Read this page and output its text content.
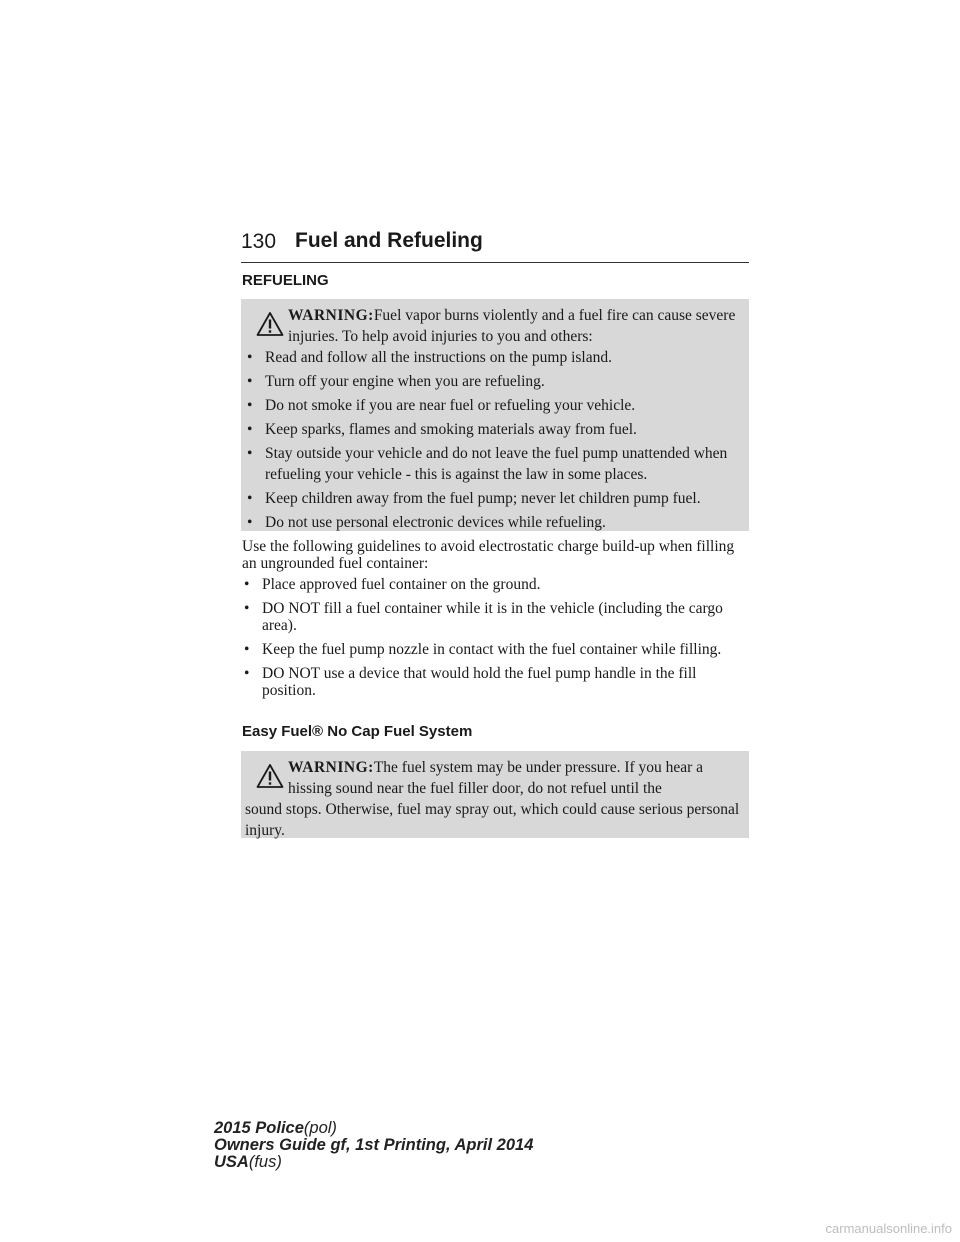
130 Fuel and Refueling
REFUELING
WARNING:Fuel vapor burns violently and a fuel fire can cause severe injuries. To help avoid injuries to you and others:
• Read and follow all the instructions on the pump island.
• Turn off your engine when you are refueling.
• Do not smoke if you are near fuel or refueling your vehicle.
• Keep sparks, flames and smoking materials away from fuel.
• Stay outside your vehicle and do not leave the fuel pump unattended when refueling your vehicle - this is against the law in some places.
• Keep children away from the fuel pump; never let children pump fuel.
• Do not use personal electronic devices while refueling.
Use the following guidelines to avoid electrostatic charge build-up when filling an ungrounded fuel container:
• Place approved fuel container on the ground.
• DO NOT fill a fuel container while it is in the vehicle (including the cargo area).
• Keep the fuel pump nozzle in contact with the fuel container while filling.
• DO NOT use a device that would hold the fuel pump handle in the fill position.
Easy Fuel® No Cap Fuel System
WARNING:The fuel system may be under pressure. If you hear a hissing sound near the fuel filler door, do not refuel until the
sound stops. Otherwise, fuel may spray out, which could cause serious personal injury.
2015 Police(pol)
Owners Guide gf, 1st Printing, April 2014
USA(fus)
carmanualsonline.info
